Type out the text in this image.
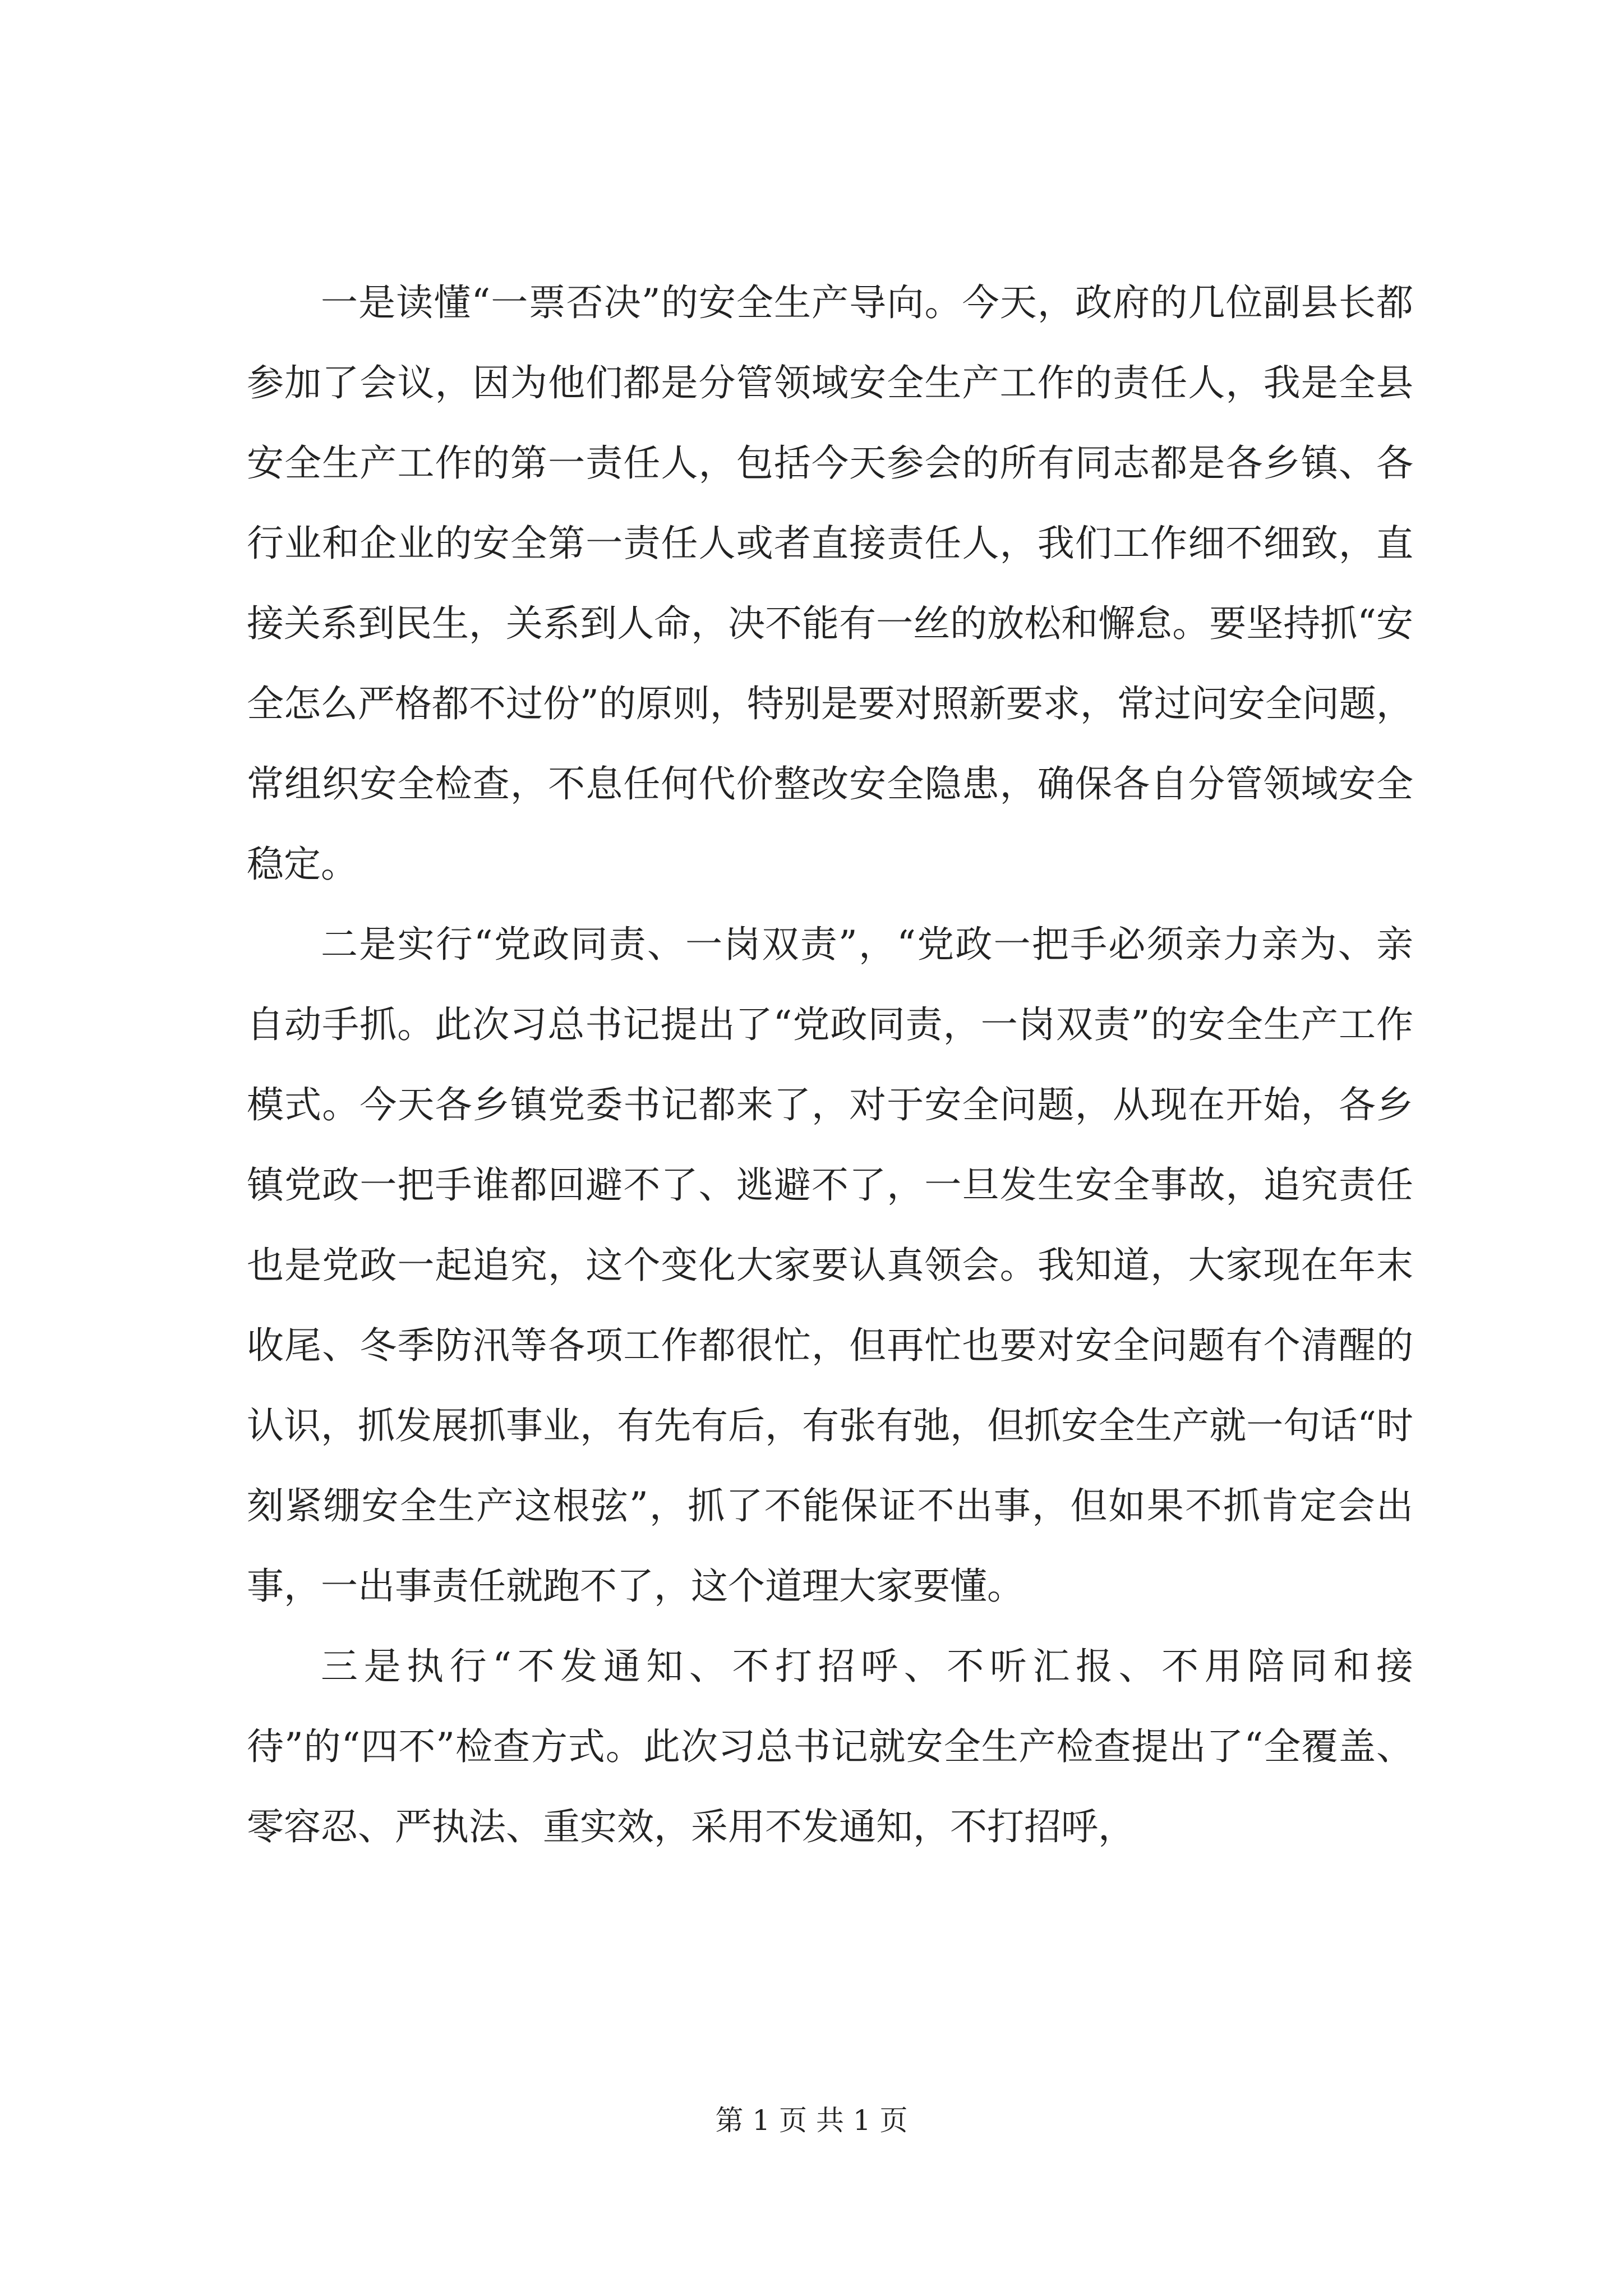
一是读懂“一票否决”的安全生产导向。今天，政府的几位副县长都参加了会议，因为他们都是分管领域安全生产工作的责任人，我是全县安全生产工作的第一责任人，包括今天参会的所有同志都是各乡镇、各行业和企业的安全第一责任人或者直接责任人，我们工作细不细致，直接关系到民生，关系到人命，决不能有一丝的放松和懈怠。要坚持抓“安全怎么严格都不过份”的原则，特别是要对照新要求，常过问安全问题，常组织安全检查，不息任何代价整改安全隐患，确保各自分管领域安全稳定。

二是实行“党政同责、一岗双责”，“党政一把手必须亲力亲为、亲自动手抓。此次习总书记提出了“党政同责，一岗双责”的安全生产工作模式。今天各乡镇党委书记都来了，对于安全问题，从现在开始，各乡镇党政一把手谁都回避不了、逃避不了，一旦发生安全事故，追究责任也是党政一起追究，这个变化大家要认真领会。我知道，大家现在年末收尾、冬季防汛等各项工作都很忙，但再忙也要对安全问题有个清醒的认识，抓发展抓事业，有先有后，有张有弛，但抓安全生产就一句话“时刻紧绷安全生产这根弦”，抓了不能保证不出事，但如果不抓肯定会出事，一出事责任就跑不了，这个道理大家要懂。

三是执行“不发通知、不打招呼、不听汇报、不用陪同和接待”的“四不”检查方式。此次习总书记就安全生产检查提出了“全覆盖、零容忍、严执法、重实效，采用不发通知，不打招呼，

第 1 页 共 1 页
